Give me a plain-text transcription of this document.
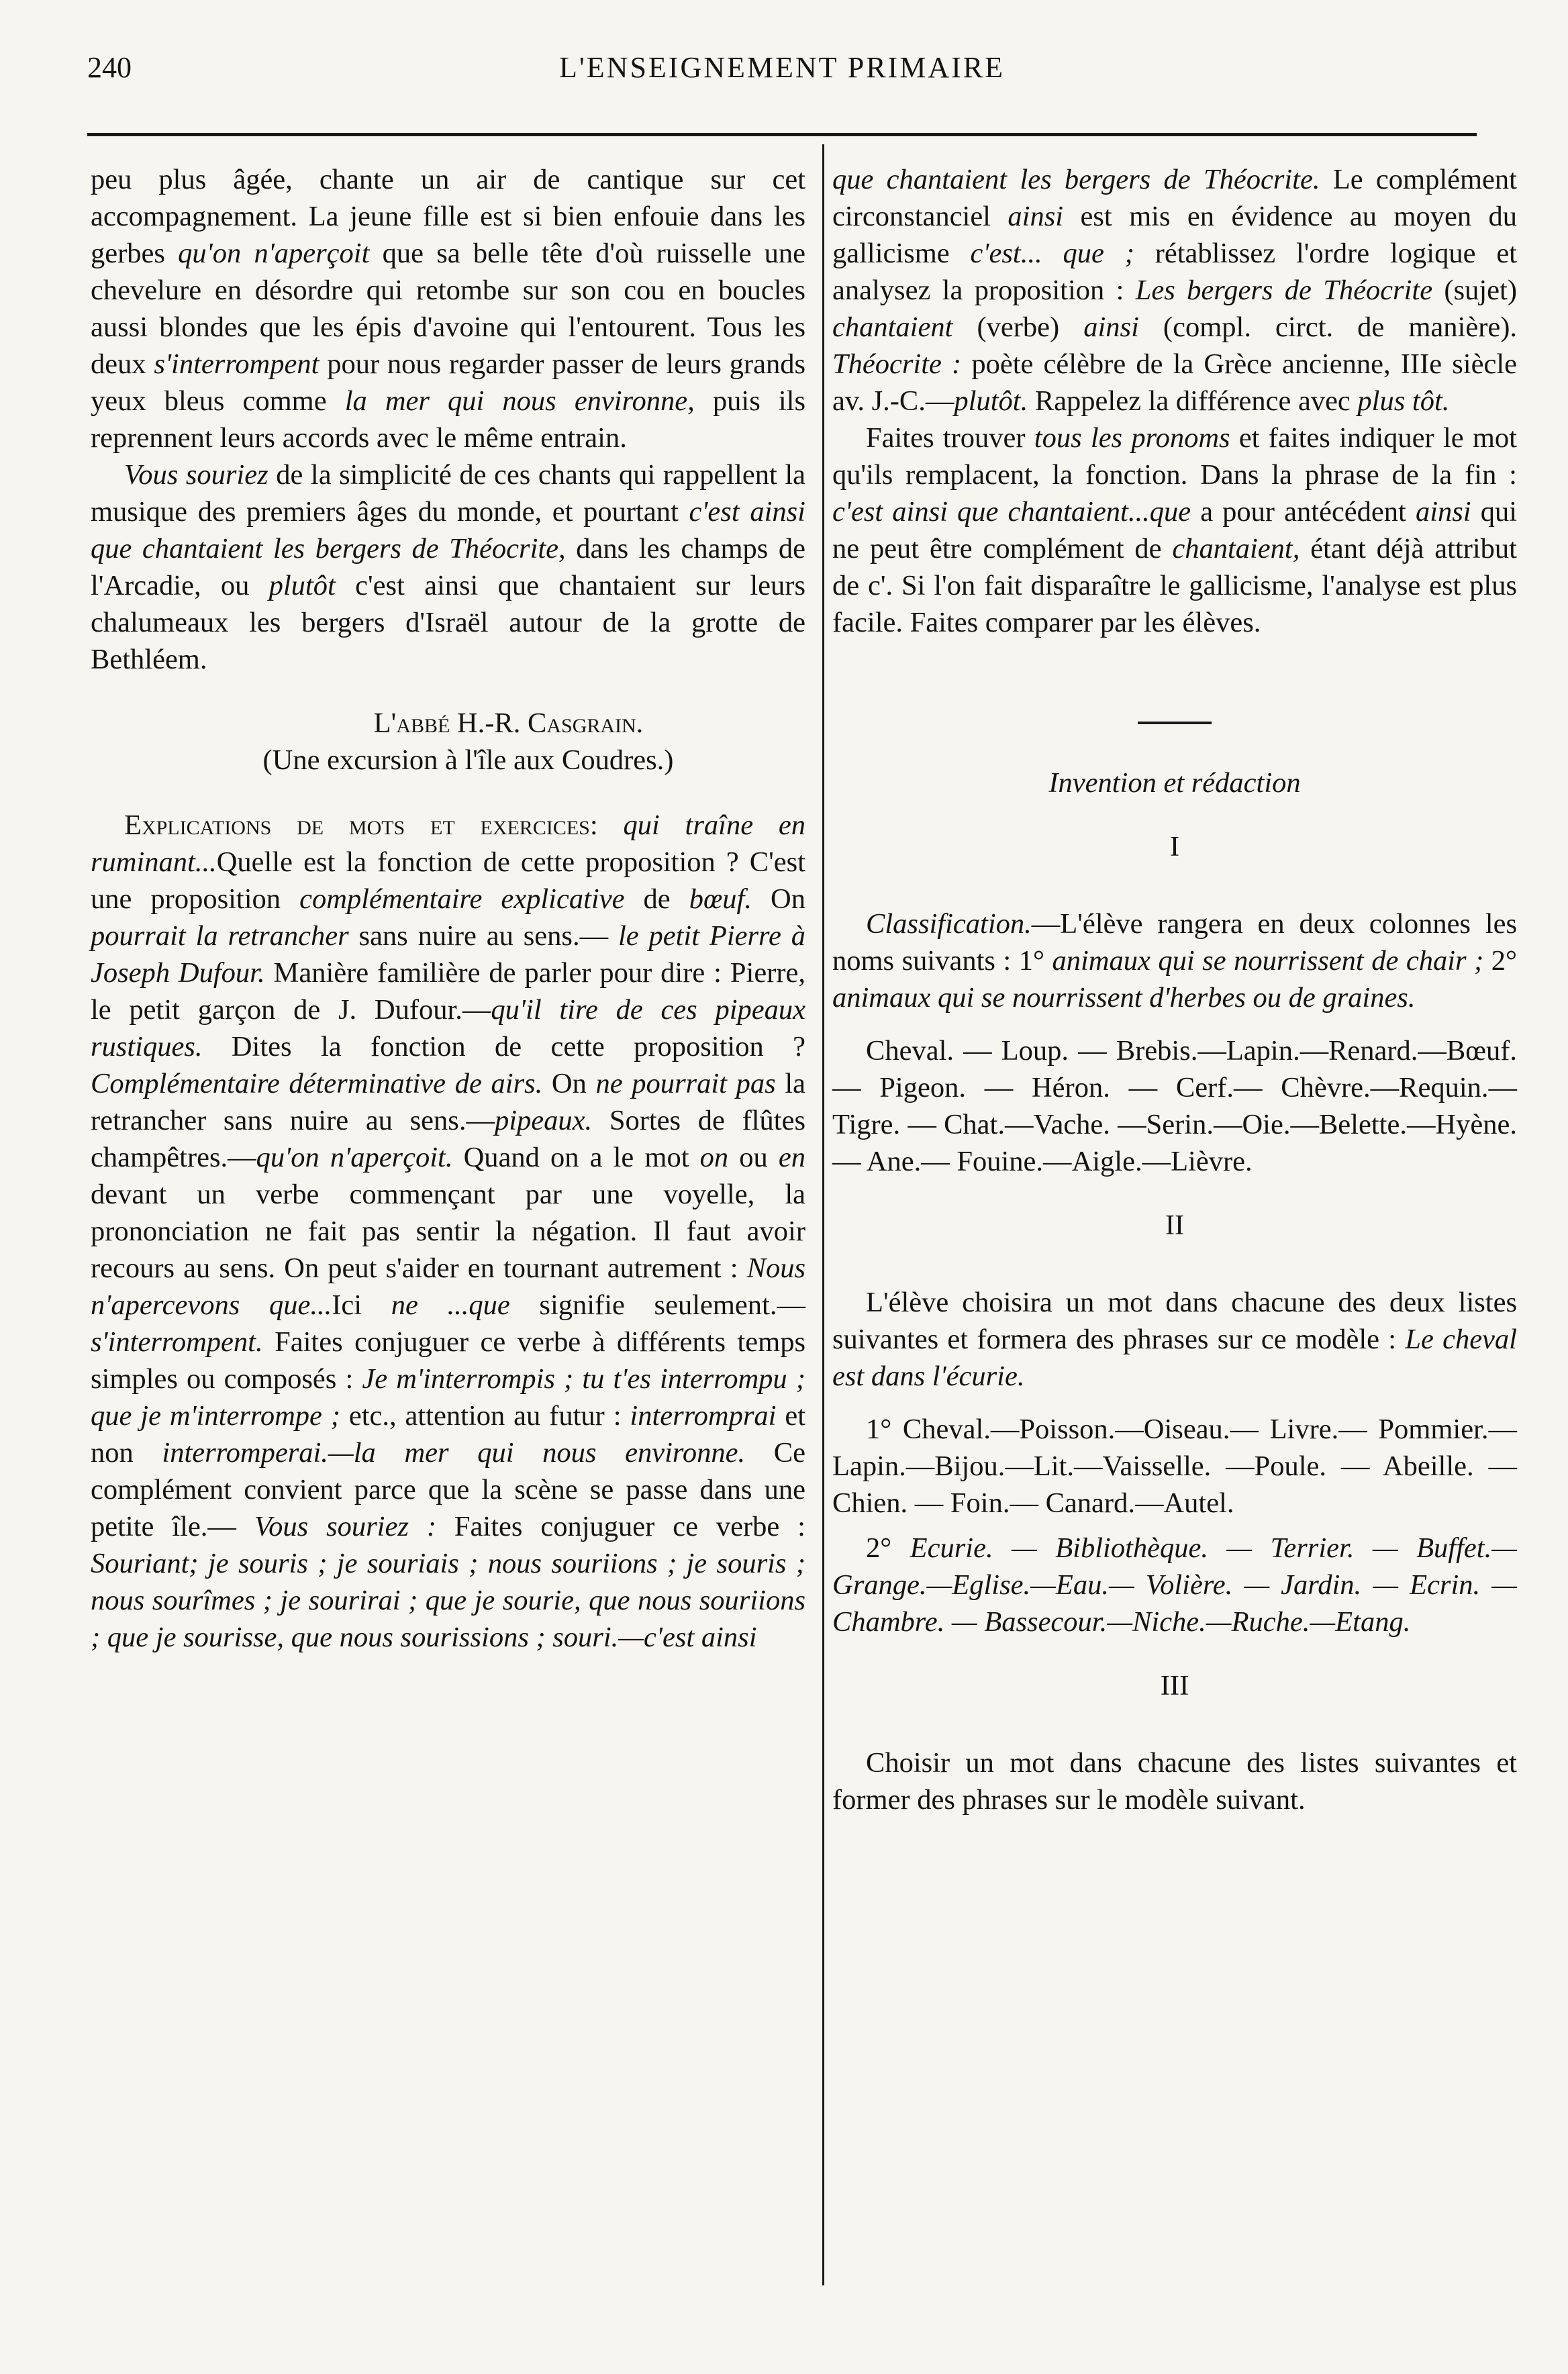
240	L'ENSEIGNEMENT PRIMAIRE

peu plus âgée, chante un air de cantique sur cet accompagnement. La jeune fille est si bien enfouie dans les gerbes qu'on n'aperçoit que sa belle tête d'où ruisselle une chevelure en désordre qui retombe sur son cou en boucles aussi blondes que les épis d'avoine qui l'entourent. Tous les deux s'interrompent pour nous regarder passer de leurs grands yeux bleus comme la mer qui nous environne, puis ils reprennent leurs accords avec le même entrain.

Vous souriez de la simplicité de ces chants qui rappellent la musique des premiers âges du monde, et pourtant c'est ainsi que chantaient les bergers de Théocrite, dans les champs de l'Arcadie, ou plutôt c'est ainsi que chantaient sur leurs chalumeaux les bergers d'Israël autour de la grotte de Bethléem.

L'abbé H.-R. Casgrain.

(Une excursion à l'île aux Coudres.)

Explications de mots et exercices: qui traîne en ruminant...Quelle est la fonction de cette proposition ? C'est une proposition complémentaire explicative de bœuf. On pourrait la retrancher sans nuire au sens.— le petit Pierre à Joseph Dufour. Manière familière de parler pour dire : Pierre, le petit garçon de J. Dufour.—qu'il tire de ces pipeaux rustiques. Dites la fonction de cette proposition ? Complémentaire déterminative de airs. On ne pourrait pas la retrancher sans nuire au sens.—pipeaux. Sortes de flûtes champêtres.—qu'on n'aperçoit. Quand on a le mot on ou en devant un verbe commençant par une voyelle, la prononciation ne fait pas sentir la négation. Il faut avoir recours au sens. On peut s'aider en tournant autrement : Nous n'apercevons que...Ici ne ...que signifie seulement.—s'interrompent. Faites conjuguer ce verbe à différents temps simples ou composés : Je m'interrompis ; tu t'es interrompu ; que je m'interrompe ; etc., attention au futur : interromprai et non interromperai.—la mer qui nous environne. Ce complément convient parce que la scène se passe dans une petite île.— Vous souriez : Faites conjuguer ce verbe : Souriant; je souris ; je souriais ; nous souriions ; je souris ; nous sourîmes ; je sourirai ; que je sourie, que nous souriions ; que je sourisse, que nous sourissions ; souri.—c'est ainsi

que chantaient les bergers de Théocrite. Le complément circonstanciel ainsi est mis en évidence au moyen du gallicisme c'est... que ; rétablissez l'ordre logique et analysez la proposition : Les bergers de Théocrite (sujet) chantaient (verbe) ainsi (compl. circt. de manière). Théocrite : poète célèbre de la Grèce ancienne, IIIe siècle av. J.-C.—plutôt. Rappelez la différence avec plus tôt.

Faites trouver tous les pronoms et faites indiquer le mot qu'ils remplacent, la fonction. Dans la phrase de la fin : c'est ainsi que chantaient...que a pour antécédent ainsi qui ne peut être complément de chantaient, étant déjà attribut de c'. Si l'on fait disparaître le gallicisme, l'analyse est plus facile. Faites comparer par les élèves.

Invention et rédaction

I

Classification.—L'élève rangera en deux colonnes les noms suivants : 1° animaux qui se nourrissent de chair ; 2° animaux qui se nourrissent d'herbes ou de graines.

Cheval. — Loup. — Brebis.—Lapin.—Renard.—Bœuf.— Pigeon. — Héron. — Cerf.— Chèvre.—Requin.— Tigre. — Chat.—Vache. —Serin.—Oie.—Belette.—Hyène.— Ane.— Fouine.—Aigle.—Lièvre.

II

L'élève choisira un mot dans chacune des deux listes suivantes et formera des phrases sur ce modèle : Le cheval est dans l'écurie.

1° Cheval.—Poisson.—Oiseau.— Livre.— Pommier.—Lapin.—Bijou.—Lit.—Vaisselle. —Poule. — Abeille. — Chien. — Foin.— Canard.—Autel.

2° Ecurie. — Bibliothèque. — Terrier. — Buffet.—Grange.—Eglise.—Eau.— Volière. — Jardin. — Ecrin. — Chambre. — Bassecour.—Niche.—Ruche.—Etang.

III

Choisir un mot dans chacune des listes suivantes et former des phrases sur le modèle suivant.
